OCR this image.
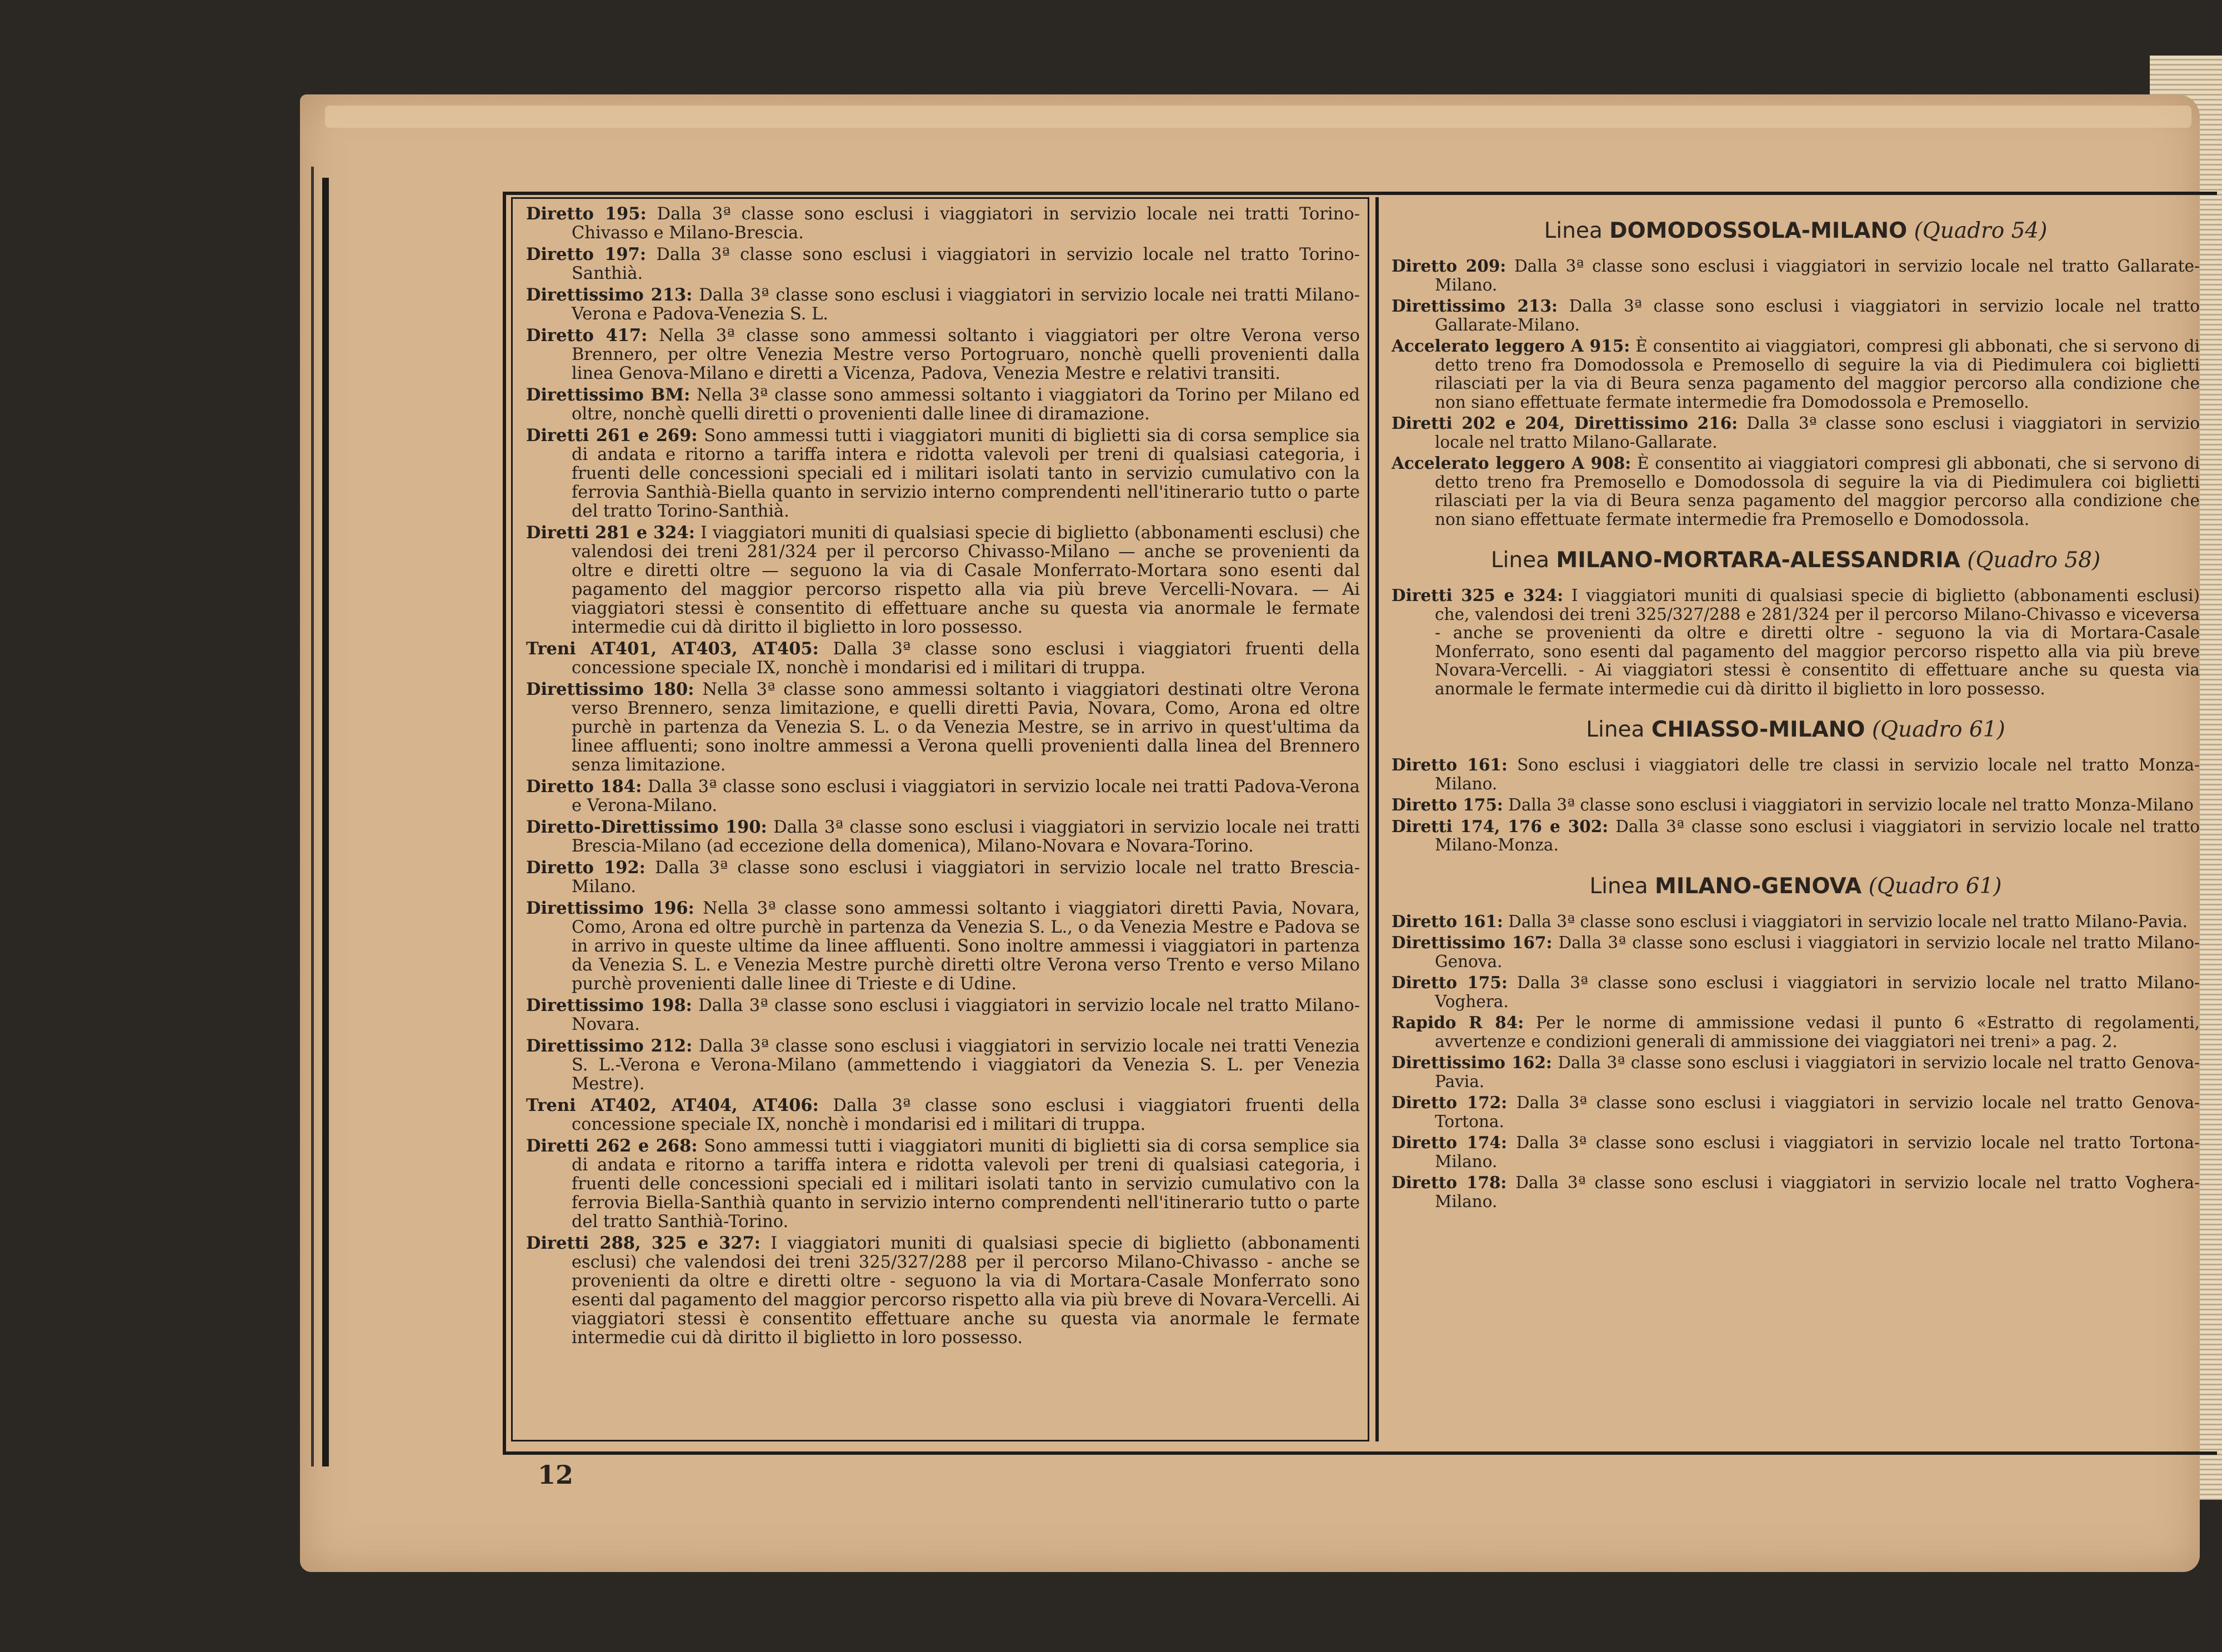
Diretto 195: Dalla 3ª classe sono esclusi i viaggiatori in servizio locale nei tratti Torino-Chivasso e Milano-Brescia.

Diretto 197: Dalla 3ª classe sono esclusi i viaggiatori in servizio locale nel tratto Torino-Santhià.

Direttissimo 213: Dalla 3ª classe sono esclusi i viaggiatori in servizio locale nei tratti Milano-Verona e Padova-Venezia S. L.

Diretto 417: Nella 3ª classe sono ammessi soltanto i viaggiatori per oltre Verona verso Brennero, per oltre Venezia Mestre verso Portogruaro, nonchè quelli provenienti dalla linea Genova-Milano e diretti a Vicenza, Padova, Venezia Mestre e relativi transiti.

Direttissimo BM: Nella 3ª classe sono ammessi soltanto i viaggiatori da Torino per Milano ed oltre, nonchè quelli diretti o provenienti dalle linee di diramazione.

Diretti 261 e 269: Sono ammessi tutti i viaggiatori muniti di biglietti sia di corsa semplice sia di andata e ritorno a tariffa intera e ridotta valevoli per treni di qualsiasi categoria, i fruenti delle concessioni speciali ed i militari isolati tanto in servizio cumulativo con la ferrovia Santhià-Biella quanto in servizio interno comprendenti nell'itinerario tutto o parte del tratto Torino-Santhià.

Diretti 281 e 324: I viaggiatori muniti di qualsiasi specie di biglietto (abbonamenti esclusi) che valendosi dei treni 281/324 per il percorso Chivasso-Milano — anche se provenienti da oltre e diretti oltre — seguono la via di Casale Monferrato-Mortara sono esenti dal pagamento del maggior percorso rispetto alla via più breve Vercelli-Novara. — Ai viaggiatori stessi è consentito di effettuare anche su questa via anormale le fermate intermedie cui dà diritto il biglietto in loro possesso.

Treni AT401, AT403, AT405: Dalla 3ª classe sono esclusi i viaggiatori fruenti della concessione speciale IX, nonchè i mondarisi ed i militari di truppa.

Direttissimo 180: Nella 3ª classe sono ammessi soltanto i viaggiatori destinati oltre Verona verso Brennero, senza limitazione, e quelli diretti Pavia, Novara, Como, Arona ed oltre purchè in partenza da Venezia S. L. o da Venezia Mestre, se in arrivo in quest'ultima da linee affluenti; sono inoltre ammessi a Verona quelli provenienti dalla linea del Brennero senza limitazione.

Diretto 184: Dalla 3ª classe sono esclusi i viaggiatori in servizio locale nei tratti Padova-Verona e Verona-Milano.

Diretto-Direttissimo 190: Dalla 3ª classe sono esclusi i viaggiatori in servizio locale nei tratti Brescia-Milano (ad eccezione della domenica), Milano-Novara e Novara-Torino.

Diretto 192: Dalla 3ª classe sono esclusi i viaggiatori in servizio locale nel tratto Brescia-Milano.

Direttissimo 196: Nella 3ª classe sono ammessi soltanto i viaggiatori diretti Pavia, Novara, Como, Arona ed oltre purchè in partenza da Venezia S. L., o da Venezia Mestre e Padova se in arrivo in queste ultime da linee affluenti. Sono inoltre ammessi i viaggiatori in partenza da Venezia S. L. e Venezia Mestre purchè diretti oltre Verona verso Trento e verso Milano purchè provenienti dalle linee di Trieste e di Udine.

Direttissimo 198: Dalla 3ª classe sono esclusi i viaggiatori in servizio locale nel tratto Milano-Novara.

Direttissimo 212: Dalla 3ª classe sono esclusi i viaggiatori in servizio locale nei tratti Venezia S. L.-Verona e Verona-Milano (ammettendo i viaggiatori da Venezia S. L. per Venezia Mestre).

Treni AT402, AT404, AT406: Dalla 3ª classe sono esclusi i viaggiatori fruenti della concessione speciale IX, nonchè i mondarisi ed i militari di truppa.

Diretti 262 e 268: Sono ammessi tutti i viaggiatori muniti di biglietti sia di corsa semplice sia di andata e ritorno a tariffa intera e ridotta valevoli per treni di qualsiasi categoria, i fruenti delle concessioni speciali ed i militari isolati tanto in servizio cumulativo con la ferrovia Biella-Santhià quanto in servizio interno comprendenti nell'itinerario tutto o parte del tratto Santhià-Torino.

Diretti 288, 325 e 327: I viaggiatori muniti di qualsiasi specie di biglietto (abbonamenti esclusi) che valendosi dei treni 325/327/288 per il percorso Milano-Chivasso - anche se provenienti da oltre e diretti oltre - seguono la via di Mortara-Casale Monferrato sono esenti dal pagamento del maggior percorso rispetto alla via più breve di Novara-Vercelli. Ai viaggiatori stessi è consentito effettuare anche su questa via anormale le fermate intermedie cui dà diritto il biglietto in loro possesso.

Linea DOMODOSSOLA-MILANO (Quadro 54)

Diretto 209: Dalla 3ª classe sono esclusi i viaggiatori in servizio locale nel tratto Gallarate-Milano.

Direttissimo 213: Dalla 3ª classe sono esclusi i viaggiatori in servizio locale nel tratto Gallarate-Milano.

Accelerato leggero A 915: È consentito ai viaggiatori, compresi gli abbonati, che si servono di detto treno fra Domodossola e Premosello di seguire la via di Piedimulera coi biglietti rilasciati per la via di Beura senza pagamento del maggior percorso alla condizione che non siano effettuate fermate intermedie fra Domodossola e Premosello.

Diretti 202 e 204, Direttissimo 216: Dalla 3ª classe sono esclusi i viaggiatori in servizio locale nel tratto Milano-Gallarate.

Accelerato leggero A 908: È consentito ai viaggiatori compresi gli abbonati, che si servono di detto treno fra Premosello e Domodossola di seguire la via di Piedimulera coi biglietti rilasciati per la via di Beura senza pagamento del maggior percorso alla condizione che non siano effettuate fermate intermedie fra Premosello e Domodossola.

Linea MILANO-MORTARA-ALESSANDRIA (Quadro 58)

Diretti 325 e 324: I viaggiatori muniti di qualsiasi specie di biglietto (abbonamenti esclusi) che, valendosi dei treni 325/327/288 e 281/324 per il percorso Milano-Chivasso e viceversa - anche se provenienti da oltre e diretti oltre - seguono la via di Mortara-Casale Monferrato, sono esenti dal pagamento del maggior percorso rispetto alla via più breve Novara-Vercelli. - Ai viaggiatori stessi è consentito di effettuare anche su questa via anormale le fermate intermedie cui dà diritto il biglietto in loro possesso.

Linea CHIASSO-MILANO (Quadro 61)

Diretto 161: Sono esclusi i viaggiatori delle tre classi in servizio locale nel tratto Monza-Milano.

Diretto 175: Dalla 3ª classe sono esclusi i viaggiatori in servizio locale nel tratto Monza-Milano

Diretti 174, 176 e 302: Dalla 3ª classe sono esclusi i viaggiatori in servizio locale nel tratto Milano-Monza.

Linea MILANO-GENOVA (Quadro 61)

Diretto 161: Dalla 3ª classe sono esclusi i viaggiatori in servizio locale nel tratto Milano-Pavia.

Direttissimo 167: Dalla 3ª classe sono esclusi i viaggiatori in servizio locale nel tratto Milano-Genova.

Diretto 175: Dalla 3ª classe sono esclusi i viaggiatori in servizio locale nel tratto Milano-Voghera.

Rapido R 84: Per le norme di ammissione vedasi il punto 6 «Estratto di regolamenti, avvertenze e condizioni generali di ammissione dei viaggiatori nei treni» a pag. 2.

Direttissimo 162: Dalla 3ª classe sono esclusi i viaggiatori in servizio locale nel tratto Genova-Pavia.

Diretto 172: Dalla 3ª classe sono esclusi i viaggiatori in servizio locale nel tratto Genova-Tortona.

Diretto 174: Dalla 3ª classe sono esclusi i viaggiatori in servizio locale nel tratto Tortona-Milano.

Diretto 178: Dalla 3ª classe sono esclusi i viaggiatori in servizio locale nel tratto Voghera-Milano.

12
